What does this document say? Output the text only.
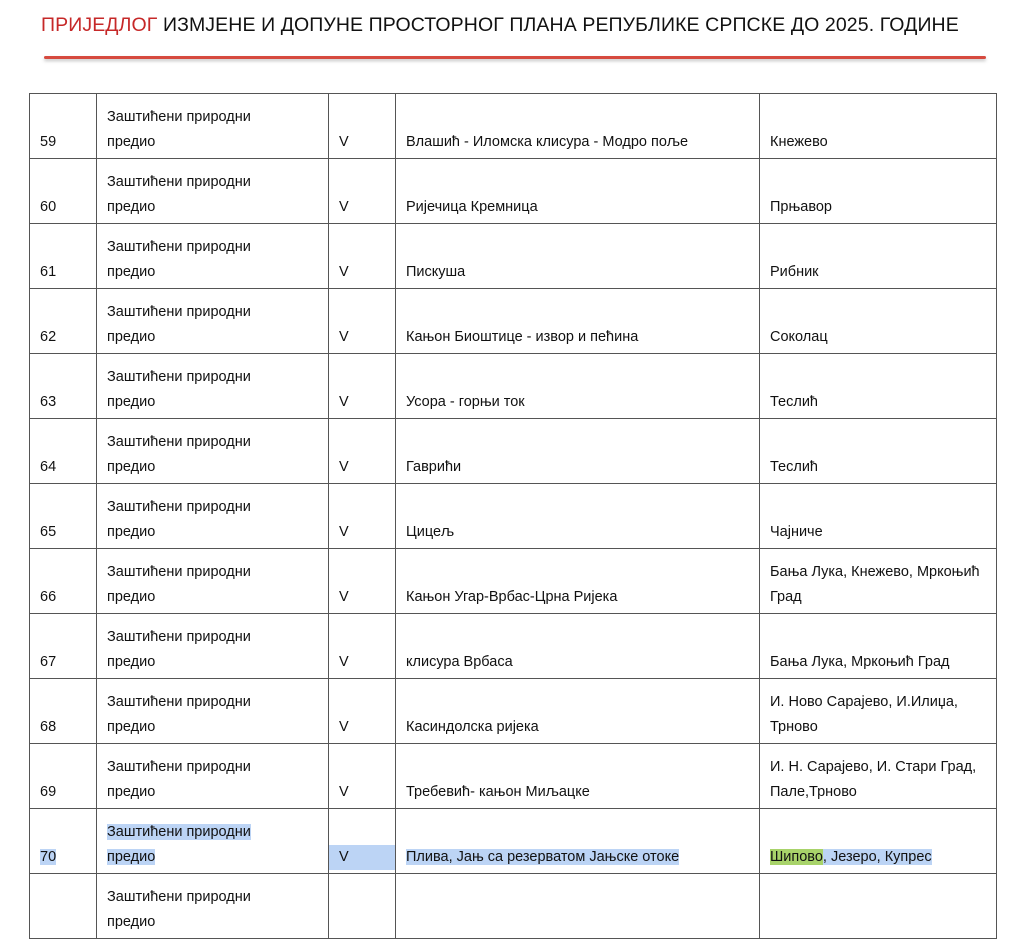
ПРИЈЕДЛОГ ИЗМЈЕНЕ И ДОПУНЕ ПРОСТОРНОГ ПЛАНА РЕПУБЛИКЕ СРПСКЕ ДО 2025. ГОДИНЕ
59	Заштићени природни предио	V	Влашић - Иломска клисура - Модро поље	Кнежево
60	Заштићени природни предио	V	Ријечица Кремница	Прњавор
61	Заштићени природни предио	V	Пискуша	Рибник
62	Заштићени природни предио	V	Кањон Биоштице - извор и пећина	Соколац
63	Заштићени природни предио	V	Усора - горњи ток	Теслић
64	Заштићени природни предио	V	Гаврићи	Теслић
65	Заштићени природни предио	V	Цицељ	Чајниче
66	Заштићени природни предио	V	Кањон Угар-Врбас-Црна Ријека	Бања Лука, Кнежево, Мркоњић Град
67	Заштићени природни предио	V	клисура Врбаса	Бања Лука, Мркоњић Град
68	Заштићени природни предио	V	Касиндолска ријека	И. Ново Сарајево, И.Илиџа, Трново
69	Заштићени природни предио	V	Требевић- кањон Миљацке	И. Н. Сарајево, И. Стари Град, Пале,Трново
70	Заштићени природни предио	V	Плива, Јањ са резерватом Јањске отоке	Шипово, Језеро, Купрес

	Заштићени природни предио			
